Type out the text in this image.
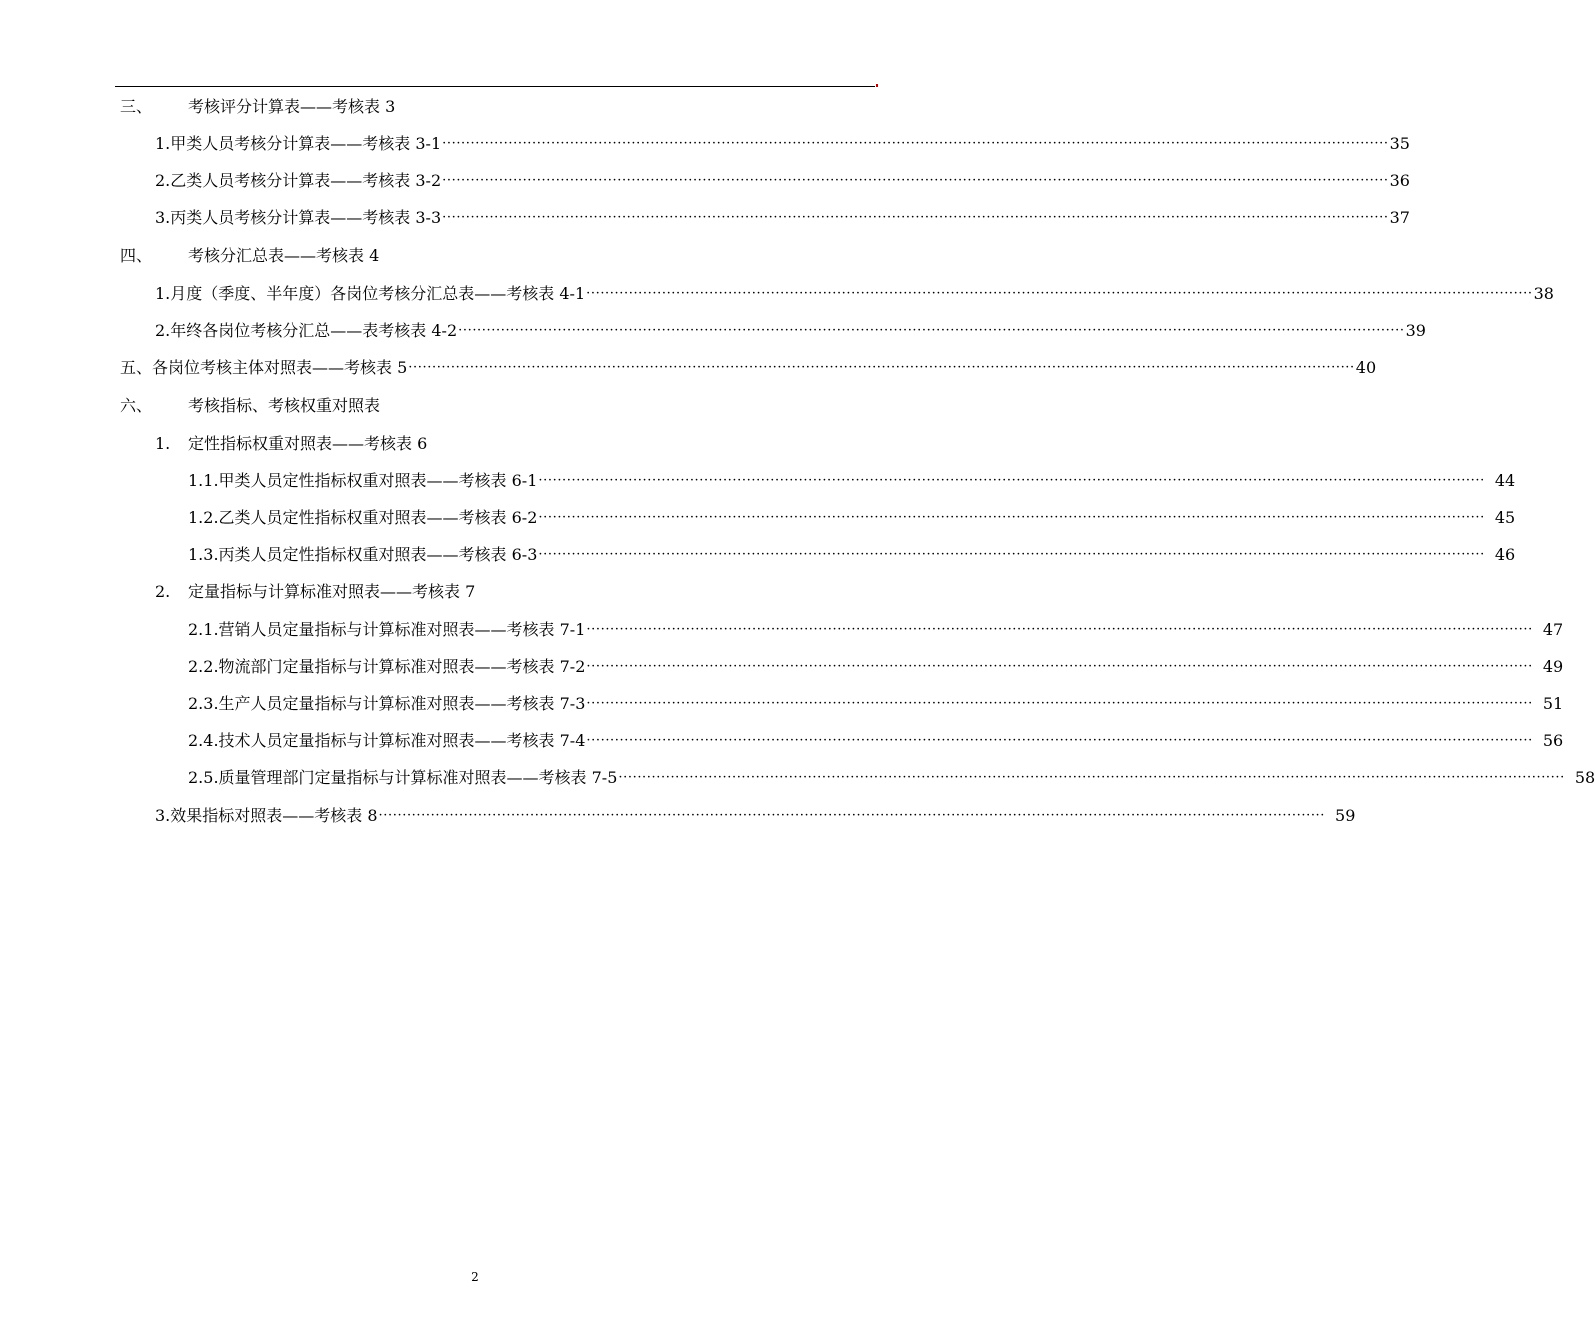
三、	考核评分计算表——考核表 3
1. 甲类人员考核分计算表——考核表 3-1 ········································································································································································································ 35
2. 乙类人员考核分计算表——考核表 3-2 ········································································································································································································ 36
3. 丙类人员考核分计算表——考核表 3-3 ········································································································································································································ 37
四、	考核分汇总表——考核表 4
1. 月度（季度、半年度）各岗位考核分汇总表——考核表 4-1 ········································································································································································································ 38
2. 年终各岗位考核分汇总——表考核表 4-2 ········································································································································································································ 39
五、 各岗位考核主体对照表——考核表 5 ········································································································································································································ 40
六、	考核指标、考核权重对照表
1.	定性指标权重对照表——考核表 6
1.1. 甲类人员定性指标权重对照表——考核表 6-1 ········································································································································································································ 44
1.2. 乙类人员定性指标权重对照表——考核表 6-2 ········································································································································································································ 45
1.3. 丙类人员定性指标权重对照表——考核表 6-3 ········································································································································································································ 46
2.	定量指标与计算标准对照表——考核表 7
2.1. 营销人员定量指标与计算标准对照表——考核表 7-1 ········································································································································································································ 47
2.2. 物流部门定量指标与计算标准对照表——考核表 7-2 ········································································································································································································ 49
2.3. 生产人员定量指标与计算标准对照表——考核表 7-3 ········································································································································································································ 51
2.4. 技术人员定量指标与计算标准对照表——考核表 7-4 ········································································································································································································ 56
2.5. 质量管理部门定量指标与计算标准对照表——考核表 7-5 ········································································································································································································ 58
3. 效果指标对照表——考核表 8 ········································································································································································································ 59
2
